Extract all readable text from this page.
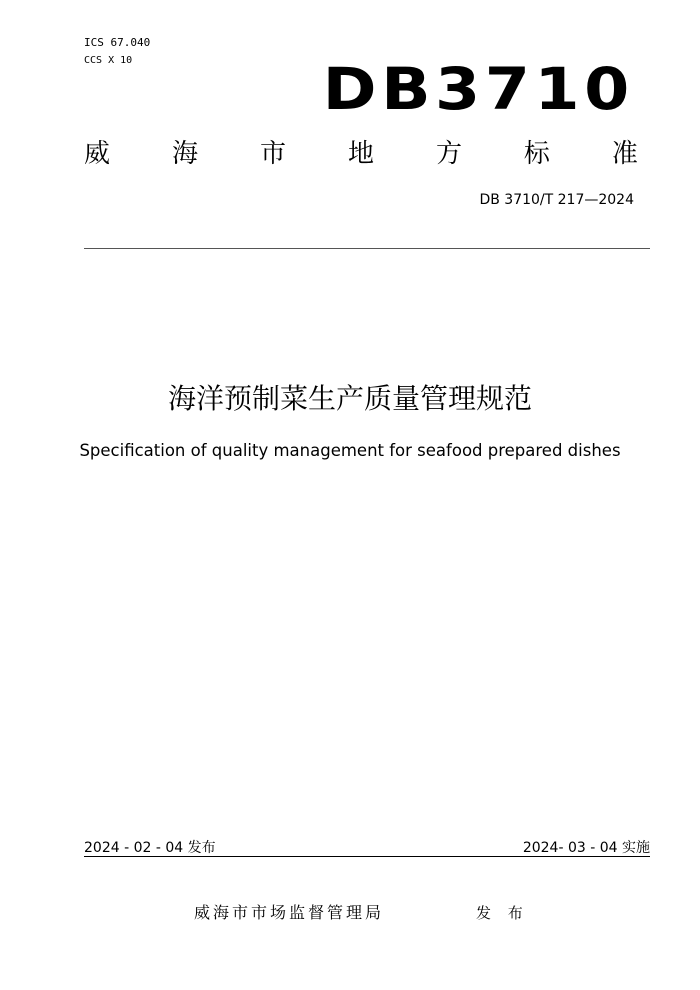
ICS 67.040
CCS X 10	DB3710
威 海 市 地 方 标 准
DB 3710/T 217—2024
海洋预制菜生产质量管理规范
Specification of quality management for seafood prepared dishes
2024 - 02 - 04 发布	2024- 03 - 04 实施
威海市市场监督管理局	发 布
